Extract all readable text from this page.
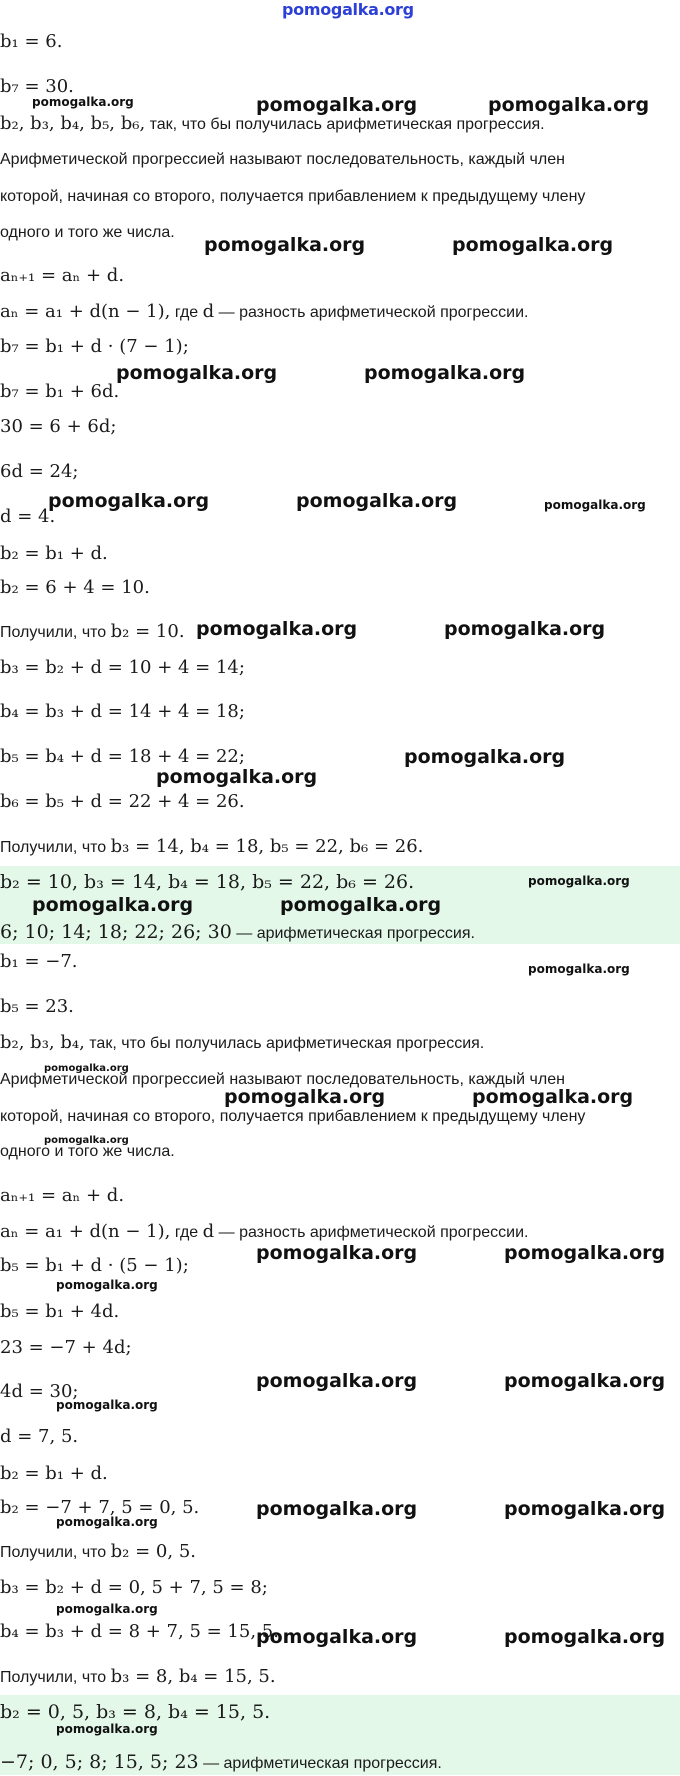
pomogalka.org
b₁ = 6.
b₇ = 30.
b₂, b₃, b₄, b₅, b₆, так, что бы получилась арифметическая прогрессия.
Арифметической прогрессией называют последовательность, каждый член
которой, начиная со второго, получается прибавлением к предыдущему члену
одного и того же числа.
aₙ₊₁ = aₙ + d.
aₙ = a₁ + d(n − 1), где d — разность арифметической прогрессии.
b₇ = b₁ + d · (7 − 1);
b₇ = b₁ + 6d.
30 = 6 + 6d;
6d = 24;
d = 4.
b₂ = b₁ + d.
b₂ = 6 + 4 = 10.
Получили, что b₂ = 10.
b₃ = b₂ + d = 10 + 4 = 14;
b₄ = b₃ + d = 14 + 4 = 18;
b₅ = b₄ + d = 18 + 4 = 22;
b₆ = b₅ + d = 22 + 4 = 26.
Получили, что b₃ = 14, b₄ = 18, b₅ = 22, b₆ = 26.
b₂ = 10, b₃ = 14, b₄ = 18, b₅ = 22, b₆ = 26.
6; 10; 14; 18; 22; 26; 30 — арифметическая прогрессия.
b₁ = −7.
b₅ = 23.
b₂, b₃, b₄, так, что бы получилась арифметическая прогрессия.
Арифметической прогрессией называют последовательность, каждый член
которой, начиная со второго, получается прибавлением к предыдущему члену
одного и того же числа.
aₙ₊₁ = aₙ + d.
aₙ = a₁ + d(n − 1), где d — разность арифметической прогрессии.
b₅ = b₁ + d · (5 − 1);
b₅ = b₁ + 4d.
23 = −7 + 4d;
4d = 30;
d = 7, 5.
b₂ = b₁ + d.
b₂ = −7 + 7, 5 = 0, 5.
Получили, что b₂ = 0, 5.
b₃ = b₂ + d = 0, 5 + 7, 5 = 8;
b₄ = b₃ + d = 8 + 7, 5 = 15, 5.
Получили, что b₃ = 8, b₄ = 15, 5.
b₂ = 0, 5, b₃ = 8, b₄ = 15, 5.
−7; 0, 5; 8; 15, 5; 23 — арифметическая прогрессия.
pomogalka.org	pomogalka.org	pomogalka.org
pomogalka.org	pomogalka.org
pomogalka.org	pomogalka.org
pomogalka.org	pomogalka.org	pomogalka.org
pomogalka.org	pomogalka.org
pomogalka.org
pomogalka.org
pomogalka.org
pomogalka.org	pomogalka.org
pomogalka.org
pomogalka.org
pomogalka.org	pomogalka.org
pomogalka.org
pomogalka.org	pomogalka.org
pomogalka.org
pomogalka.org	pomogalka.org
pomogalka.org
pomogalka.org	pomogalka.org
pomogalka.org
pomogalka.org
pomogalka.org	pomogalka.org
pomogalka.org
